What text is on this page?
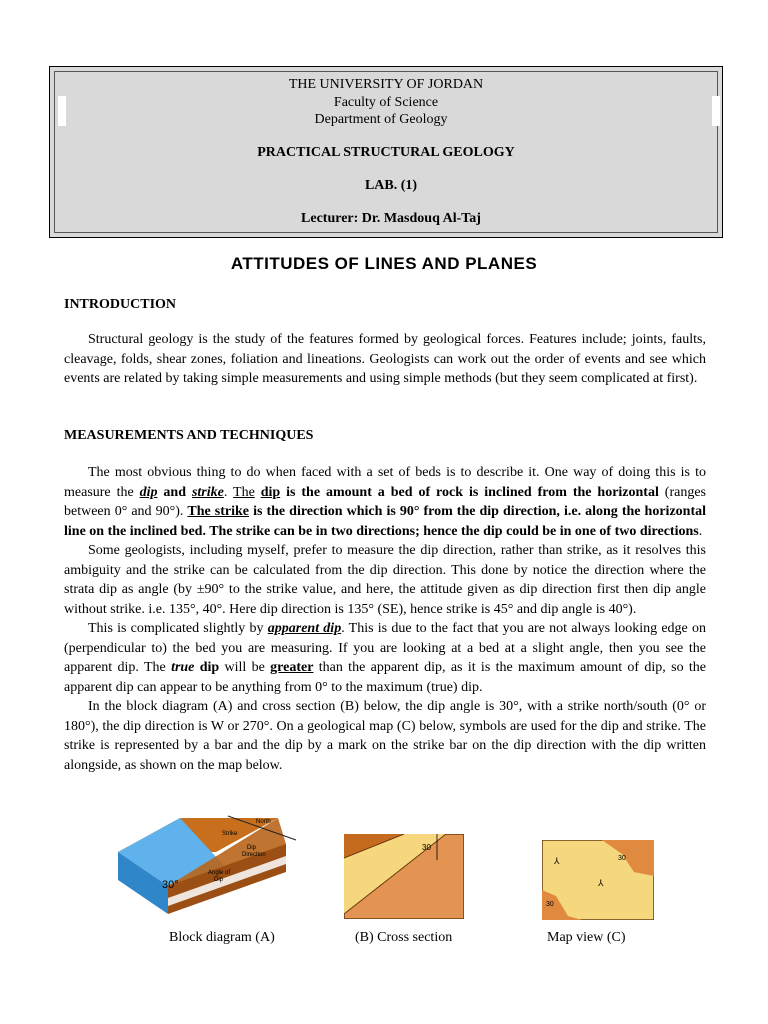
THE UNIVERSITY OF JORDAN
Faculty of Science
Department of Geology
PRACTICAL STRUCTURAL GEOLOGY
LAB. (1)
Lecturer: Dr. Masdouq Al-Taj
ATTITUDES OF LINES AND PLANES
INTRODUCTION

Structural geology is the study of the features formed by geological forces. Features include; joints, faults, cleavage, folds, shear zones, foliation and lineations. Geologists can work out the order of events and see which events are related by taking simple measurements and using simple methods (but they seem complicated at first).

MEASUREMENTS AND TECHNIQUES

The most obvious thing to do when faced with a set of beds is to describe it. One way of doing this is to measure the dip and strike. The dip is the amount a bed of rock is inclined from the horizontal (ranges between 0° and 90°). The strike is the direction which is 90° from the dip direction, i.e. along the horizontal line on the inclined bed. The strike can be in two directions; hence the dip could be in one of two directions.

Some geologists, including myself, prefer to measure the dip direction, rather than strike, as it resolves this ambiguity and the strike can be calculated from the dip direction. This done by notice the direction where the strata dip as angle (by ±90° to the strike value, and here, the attitude given as dip direction first then dip angle without strike. i.e. 135°, 40°. Here dip direction is 135° (SE), hence strike is 45° and dip angle is 40°).

This is complicated slightly by apparent dip. This is due to the fact that you are not always looking edge on (perpendicular to) the bed you are measuring. If you are looking at a bed at a slight angle, then you see the apparent dip. The true dip will be greater than the apparent dip, as it is the maximum amount of dip, so the apparent dip can appear to be anything from 0° to the maximum (true) dip.

In the block diagram (A) and cross section (B) below, the dip angle is 30°, with a strike north/south (0° or 180°), the dip direction is W or 270°. On a geological map (C) below, symbols are used for the dip and strike. The strike is represented by a bar and the dip by a mark on the strike bar on the dip direction with the dip written alongside, as shown on the map below.

North
Strike
Dip
Direction
Angle of
Dip
30°
30
30
30
⅄
⅄
Block diagram (A)	(B) Cross section	Map view (C)
